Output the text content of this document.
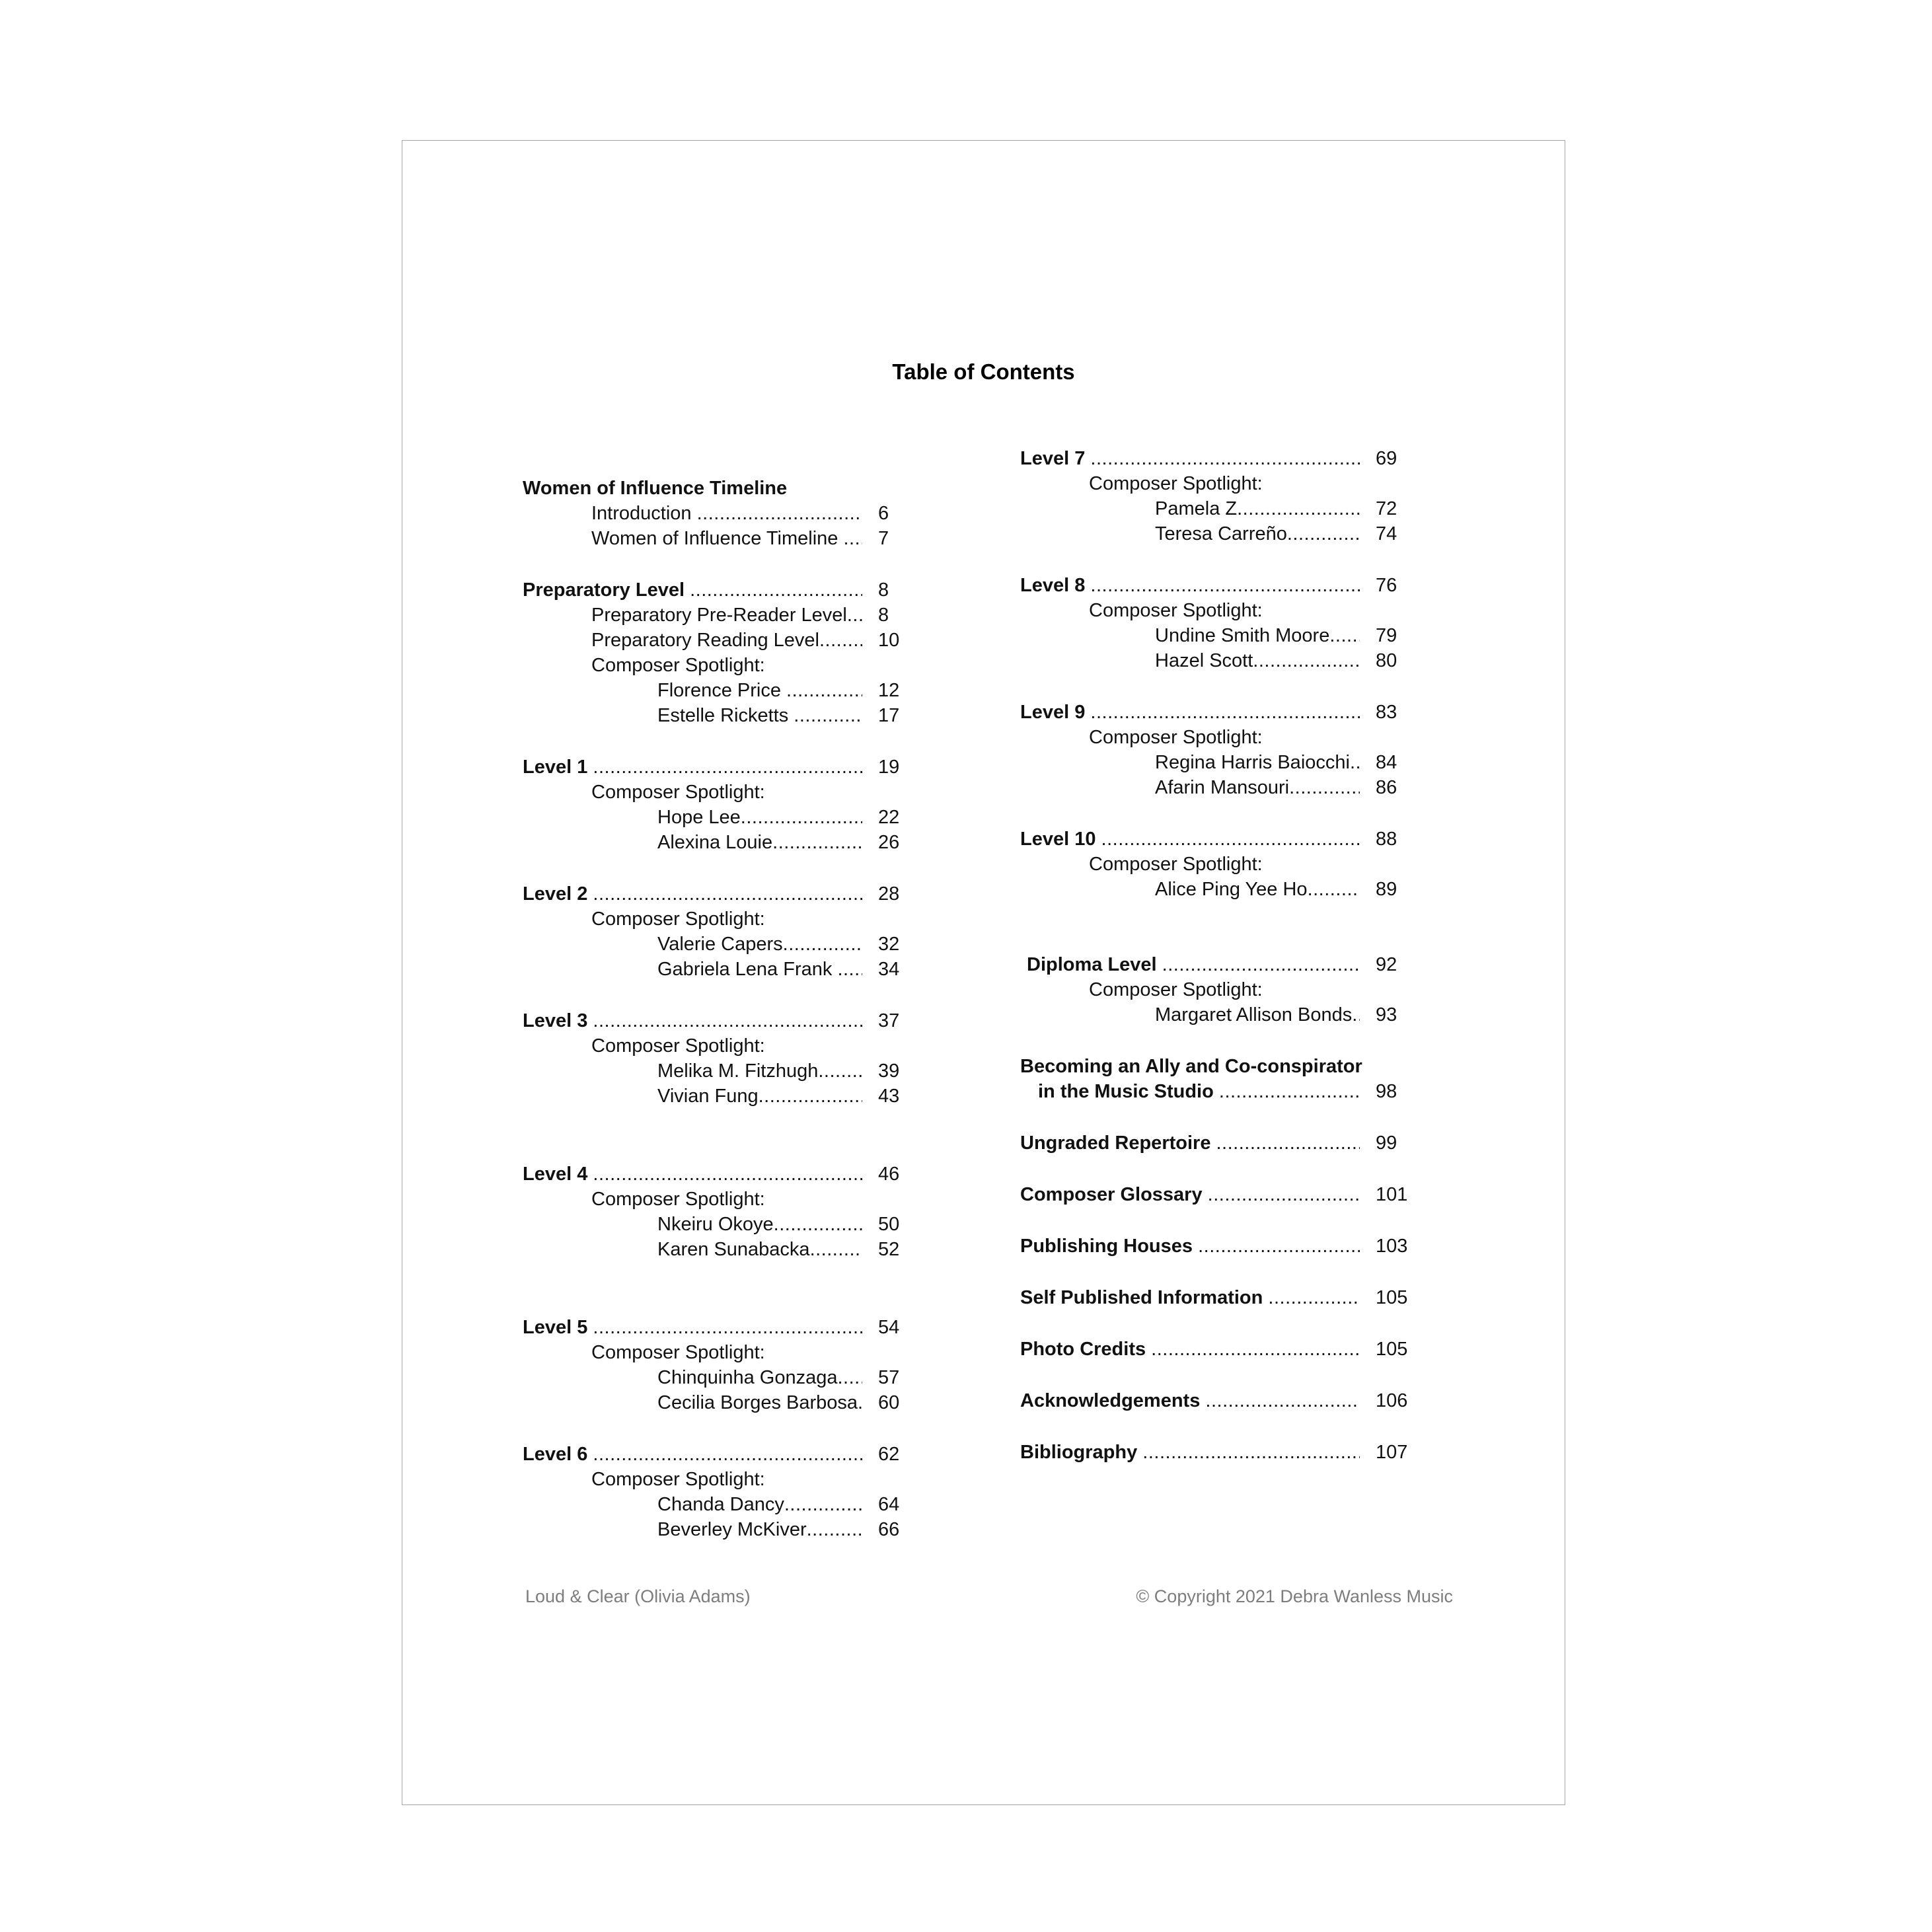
Table of Contents
Women of Influence Timeline
Introduction .....	6
Women of Influence Timeline .....	7
Preparatory Level .....	8
Preparatory Pre-Reader Level .....	8
Preparatory Reading Level .....	10
Composer Spotlight:
Florence Price .....	12
Estelle Ricketts .....	17
Level 1 .....	19
Composer Spotlight:
Hope Lee .....	22
Alexina Louie .....	26
Level 2 .....	28
Composer Spotlight:
Valerie Capers .....	32
Gabriela Lena Frank .....	34
Level 3 .....	37
Composer Spotlight:
Melika M. Fitzhugh .....	39
Vivian Fung .....	43
Level 4 .....	46
Composer Spotlight:
Nkeiru Okoye .....	50
Karen Sunabacka .....	52
Level 5 .....	54
Composer Spotlight:
Chinquinha Gonzaga .....	57
Cecilia Borges Barbosa .....	60
Level 6 .....	62
Composer Spotlight:
Chanda Dancy .....	64
Beverley McKiver .....	66
Level 7 .....	69
Composer Spotlight:
Pamela Z .....	72
Teresa Carreño .....	74
Level 8 .....	76
Composer Spotlight:
Undine Smith Moore .....	79
Hazel Scott .....	80
Level 9 .....	83
Composer Spotlight:
Regina Harris Baiocchi .....	84
Afarin Mansouri .....	86
Level 10 .....	88
Composer Spotlight:
Alice Ping Yee Ho .....	89
Diploma Level .....	92
Composer Spotlight:
Margaret Allison Bonds .....	93
Becoming an Ally and Co-conspirator
in the Music Studio .....	98
Ungraded Repertoire .....	99
Composer Glossary .....	101
Publishing Houses .....	103
Self Published Information .....	105
Photo Credits .....	105
Acknowledgements .....	106
Bibliography .....	107
Loud & Clear (Olivia Adams)	© Copyright 2021 Debra Wanless Music
